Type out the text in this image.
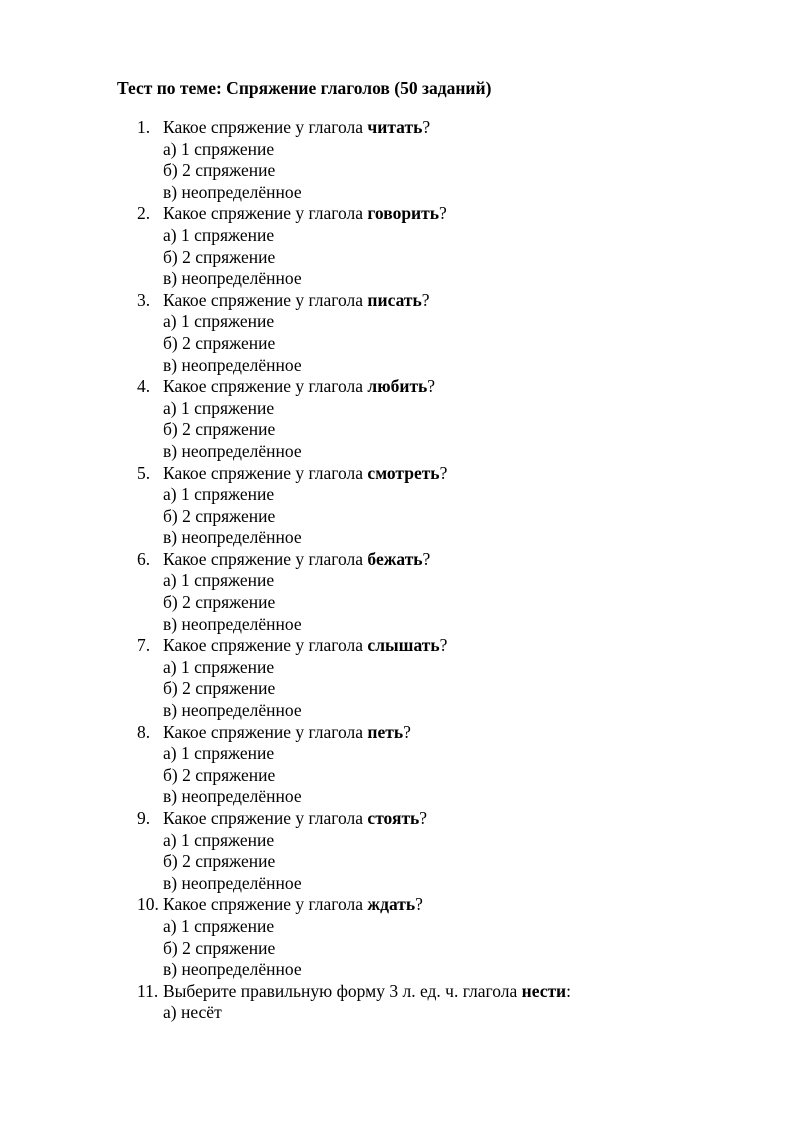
Тест по теме: Спряжение глаголов (50 заданий)
1. Какое спряжение у глагола читать?
а) 1 спряжение
б) 2 спряжение
в) неопределённое
2. Какое спряжение у глагола говорить?
а) 1 спряжение
б) 2 спряжение
в) неопределённое
3. Какое спряжение у глагола писать?
а) 1 спряжение
б) 2 спряжение
в) неопределённое
4. Какое спряжение у глагола любить?
а) 1 спряжение
б) 2 спряжение
в) неопределённое
5. Какое спряжение у глагола смотреть?
а) 1 спряжение
б) 2 спряжение
в) неопределённое
6. Какое спряжение у глагола бежать?
а) 1 спряжение
б) 2 спряжение
в) неопределённое
7. Какое спряжение у глагола слышать?
а) 1 спряжение
б) 2 спряжение
в) неопределённое
8. Какое спряжение у глагола петь?
а) 1 спряжение
б) 2 спряжение
в) неопределённое
9. Какое спряжение у глагола стоять?
а) 1 спряжение
б) 2 спряжение
в) неопределённое
10. Какое спряжение у глагола ждать?
а) 1 спряжение
б) 2 спряжение
в) неопределённое
11. Выберите правильную форму 3 л. ед. ч. глагола нести:
а) несёт
